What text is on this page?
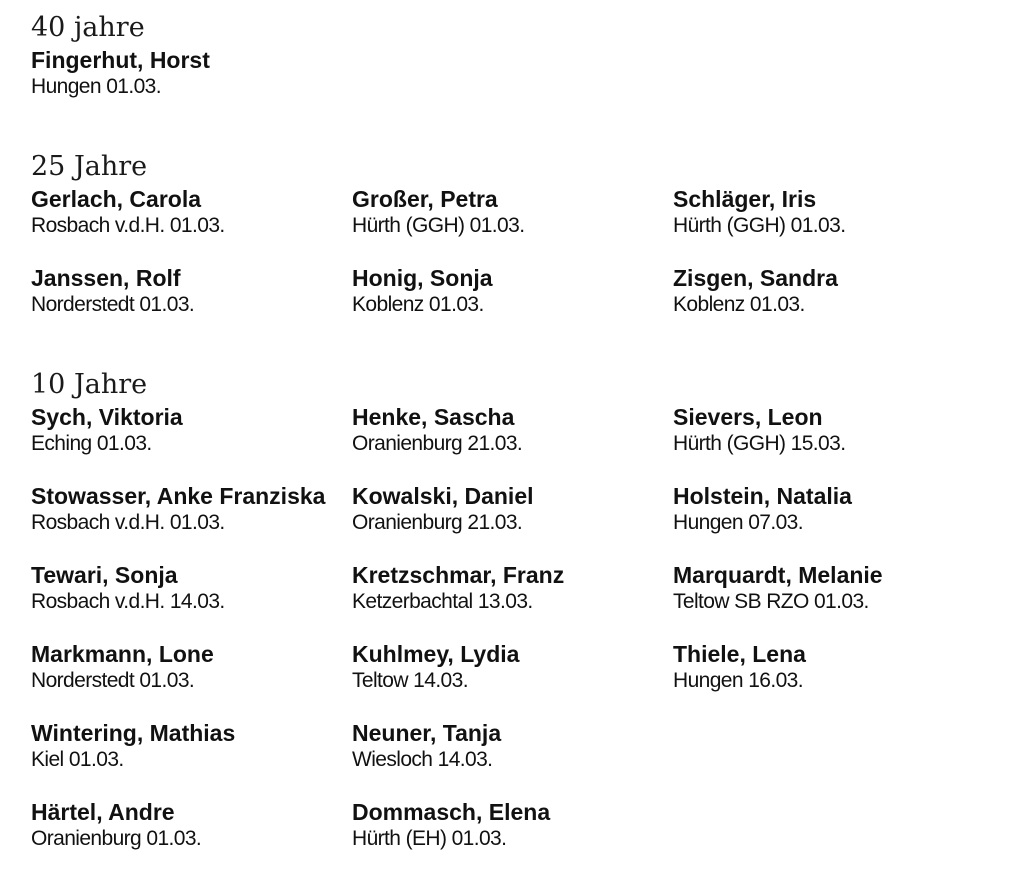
40 jahre
Fingerhut, Horst
Hungen 01.03.
25 Jahre
Gerlach, Carola
Rosbach v.d.H. 01.03.
Janssen, Rolf
Norderstedt 01.03.
Großer, Petra
Hürth (GGH) 01.03.
Honig, Sonja
Koblenz 01.03.
Schläger, Iris
Hürth (GGH) 01.03.
Zisgen, Sandra
Koblenz 01.03.
10 Jahre
Sych, Viktoria
Eching 01.03.
Stowasser, Anke Franziska
Rosbach v.d.H. 01.03.
Tewari, Sonja
Rosbach v.d.H. 14.03.
Markmann, Lone
Norderstedt 01.03.
Wintering, Mathias
Kiel 01.03.
Härtel, Andre
Oranienburg 01.03.
Henke, Sascha
Oranienburg 21.03.
Kowalski, Daniel
Oranienburg 21.03.
Kretzschmar, Franz
Ketzerbachtal 13.03.
Kuhlmey, Lydia
Teltow 14.03.
Neuner, Tanja
Wiesloch 14.03.
Dommasch, Elena
Hürth (EH) 01.03.
Sievers, Leon
Hürth (GGH) 15.03.
Holstein, Natalia
Hungen 07.03.
Marquardt, Melanie
Teltow SB RZO 01.03.
Thiele, Lena
Hungen 16.03.
